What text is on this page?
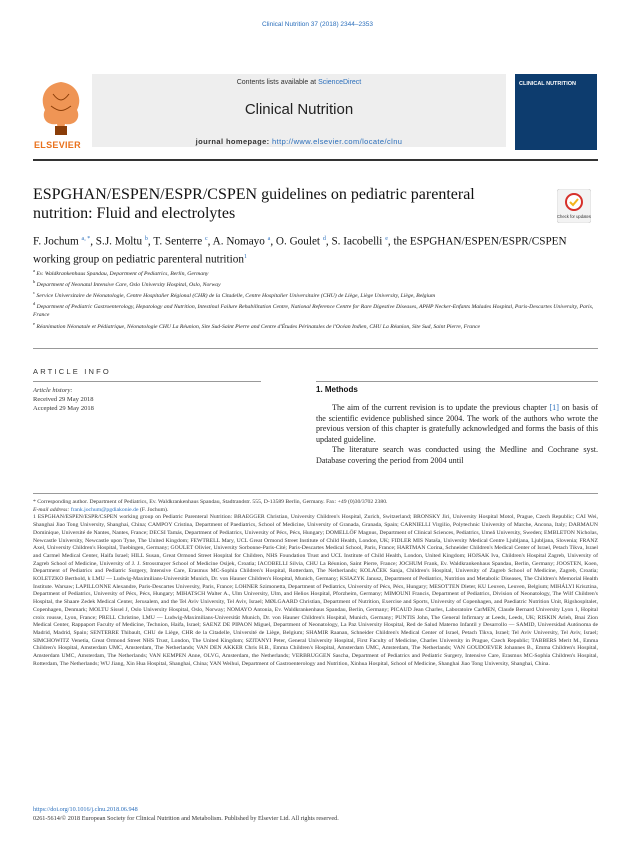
Clinical Nutrition 37 (2018) 2344–2353
ELSEVIER
Contents lists available at ScienceDirect
Clinical Nutrition
journal homepage: http://www.elsevier.com/locate/clnu
CLINICAL NUTRITION
ESPGHAN/ESPEN/ESPR/CSPEN guidelines on pediatric parenteral nutrition: Fluid and electrolytes	Check for updates
F. Jochum $^{a, *}$, S.J. Moltu $^b$, T. Senterre $^c$, A. Nomayo $^a$, O. Goulet $^d$, S. Iacobelli $^e$, the ESPGHAN/ESPEN/ESPR/CSPEN working group on pediatric parenteral nutrition$^1$
$^a$ Ev. Waldkrankenhaus Spandau, Department of Pediatrics, Berlin, Germany
$^b$ Department of Neonatal Intensive Care, Oslo University Hospital, Oslo, Norway
$^c$ Service Universitaire de Néonatologie, Centre Hospitalier Régional (CHR) de la Citadelle, Centre Hospitalier Universitaire (CHU) de Liège, Liège University, Liège, Belgium
$^d$ Department of Pediatric Gastroenterology, Hepatology and Nutrition, Intestinal Failure Rehabilitation Centre, National Reference Centre for Rare Digestive Diseases, APHP Necker-Enfants Malades Hospital, Paris-Descartes University, Paris, France
$^e$ Réanimation Néonatale et Pédiatrique, Néonatologie CHU La Réunion, Site Sud-Saint Pierre and Centre d'Études Périnatales de l'Océan Indien, CHU La Réunion, Site Sud, Saint Pierre, France
ARTICLE INFO
Article history:
Received 29 May 2018
Accepted 29 May 2018
1. Methods

The aim of the current revision is to update the previous chapter [1] on basis of the scientific evidence published since 2004. The work of the authors who wrote the previous version of this chapter is gratefully acknowledged and forms the basis of this updated guideline.

The literature search was conducted using the Medline and Cochrane syst. Database covering the period from 2004 until

* Corresponding author. Department of Pediatrics, Ev. Waldkrankenhaus Spandau, Stadtrandstr. 555, D-13589 Berlin, Germany. Fax: +49 (0)30/3702 2380.

E-mail address: frank.jochum@pgdiakonie.de (F. Jochum).

1 ESPGHAN/ESPEN/ESPR/CSPEN working group on Pediatric Parenteral Nutrition: BRAEGGER Christian, University Children's Hospital, Zurich, Switzerland; BRONSKY Jiri, University Hospital Motol, Prague, Czech Republic; CAI Wei, Shanghai Jiao Tong University, Shanghai, China; CAMPOY Cristina, Department of Paediatrics, School of Medicine, University of Granada, Granada, Spain; CARNIELLI Virgilio, Polytechnic University of Marche, Ancona, Italy; DARMAUN Dominique, Université de Nantes, Nantes, France; DECSI Tamás, Department of Pediatrics, University of Pécs, Pécs, Hungary; DOMELLÖF Magnus, Department of Clinical Sciences, Pediatrics, Umeå University, Sweden; EMBLETON Nicholas, Newcastle University, Newcastle upon Tyne, The United Kingdom; FEWTRELL Mary, UCL Great Ormond Street Institute of Child Health, London, UK; FIDLER MIS Nataša, University Medical Centre Ljubljana, Ljubljana, Slovenia; FRANZ Axel, University Children's Hospital, Tuebingen, Germany; GOULET Olivier, University Sorbonne-Paris-Cité; Paris-Descartes Medical School, Paris, France; HARTMAN Corina, Schneider Children's Medical Center of Israel, Petach Tikva, Israel and Carmel Medical Center, Haifa Israel; HILL Susan, Great Ormond Street Hospital for Children, NHS Foundation Trust and UCL Institute of Child Health, London, United Kingdom; HOJSAK Iva, Children's Hospital Zagreb, University of Zagreb School of Medicine, University of J. J. Strossmayer School of Medicine Osijek, Croatia; IACOBELLI Silvia, CHU La Réunion, Saint Pierre, France; JOCHUM Frank, Ev. Waldkrankenhaus Spandau, Berlin, Germany; JOOSTEN, Koen, Department of Pediatrics and Pediatric Surgery, Intensive Care, Erasmus MC-Sophia Children's Hospital, Rotterdam, The Netherlands; KOLAČEK Sanja, Children's Hospital, University of Zagreb School of Medicine, Zagreb, Croatia; KOLETZKO Berthold, k LMU — Ludwig-Maximilians-Universität Munich, Dr. von Hauner Children's Hospital, Munich, Germany; KSIAZYK Janusz, Department of Pediatrics, Nutrition and Metabolic Diseases, The Children's Memorial Health Institute. Warsaw; LAPILLONNE Alexandre, Paris-Descartes University, Paris, France; LOHNER Szimonetta, Department of Pediatrics, University of Pécs, Pécs, Hungary; MESOTTEN Dieter, KU Leuven, Leuven, Belgium; MIHÁLYI Krisztina, Department of Pediatrics, University of Pécs, Pécs, Hungary; MIHATSCH Walter A., Ulm University, Ulm, and Helios Hospital, Pforzheim, Germany; MIMOUNI Francis, Department of Pediatrics, Division of Neonatology, The Wilf Children's Hospital, the Shaare Zedek Medical Center, Jerusalem, and the Tel Aviv University, Tel Aviv, Israel; MØLGAARD Christian, Department of Nutrition, Exercise and Sports, University of Copenhagen, and Paediatric Nutrition Unit, Rigshospitalet, Copenhagen, Denmark; MOLTU Sissel J, Oslo University Hospital, Oslo, Norway; NOMAYO Antonia, Ev. Waldkrankenhaus Spandau, Berlin, Germany; PICAUD Jean Charles, Laboratoire CarMEN, Claude Bernard University Lyon 1, Hopital croix rousse, Lyon, France; PRELL Christine, LMU — Ludwig-Maximilians-Universität Munich, Dr. von Hauner Children's Hospital, Munich, Germany; PUNTIS John, The General Infirmary at Leeds, Leeds, UK; RISKIN Arieh, Bnai Zion Medical Center, Rappaport Faculty of Medicine, Technion, Haifa, Israel; SAENZ DE PIPAON Miguel, Department of Neonatology, La Paz University Hospital, Red de Salud Materno Infantil y Desarrollo — SAMID, Universidad Autónoma de Madrid, Madrid, Spain; SENTERRE Thibault, CHU de Liège, CHR de la Citadelle, Université de Liège, Belgium; SHAMIR Raanan, Schneider Children's Medical Center of Israel, Petach Tikva, Israel; Tel Aviv University, Tel Aviv, Israel; SIMCHOWITZ Venetia, Great Ormond Street NHS Trust, London, The United Kingdom; SZITANYI Peter, General University Hospital, First Faculty of Medicine, Charles University in Prague, Czech Republic; TABBERS Merit M., Emma Children's Hospital, Amsterdam UMC, Amsterdam, The Netherlands; VAN DEN AKKER Chris H.B., Emma Children's Hospital, Amsterdam UMC, Amsterdam, The Netherlands; VAN GOUDOEVER Johannes B., Emma Children's Hospital, Amsterdam UMC, Amsterdam, The Netherlands; VAN KEMPEN Anne, OLVG, Amsterdam, the Netherlands; VERBRUGGEN Sascha, Department of Pediatrics and Pediatric Surgery, Intensive Care, Erasmus MC-Sophia Children's Hospital, Rotterdam, The Netherlands; WU Jiang, Xin Hua Hospital, Shanghai, China; YAN Weihui, Department of Gastroenterology and Nutrition, Xinhua Hospital, School of Medicine, Shanghai Jiao Tong University, Shanghai, China.

https://doi.org/10.1016/j.clnu.2018.06.948
0261-5614/© 2018 European Society for Clinical Nutrition and Metabolism. Published by Elsevier Ltd. All rights reserved.
